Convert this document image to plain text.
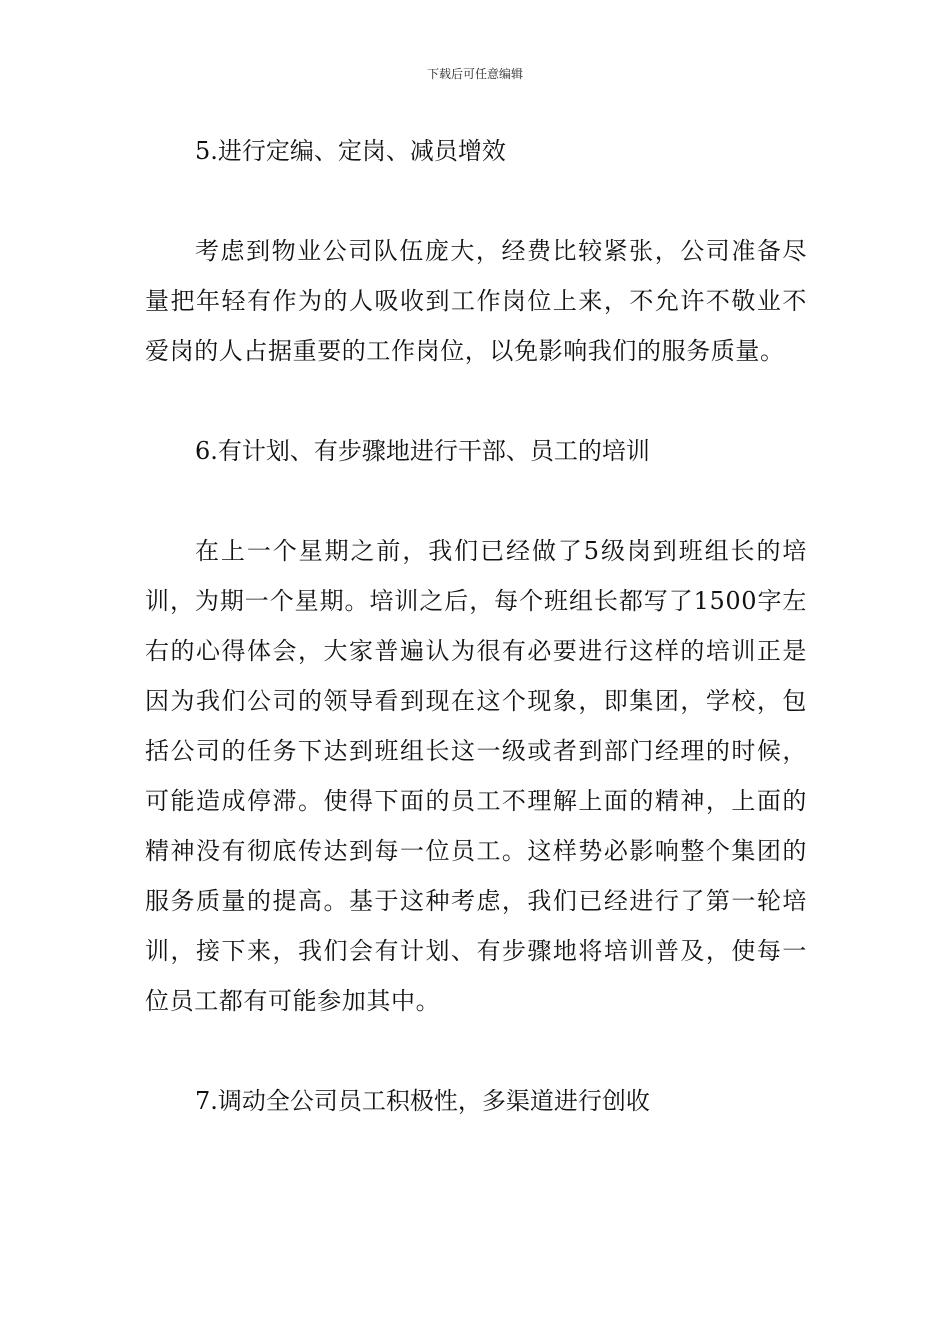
下载后可任意编辑

5.进行定编、定岗、减员增效

考虑到物业公司队伍庞大，经费比较紧张，公司准备尽量把年轻有作为的人吸收到工作岗位上来，不允许不敬业不爱岗的人占据重要的工作岗位，以免影响我们的服务质量。

6.有计划、有步骤地进行干部、员工的培训

在上一个星期之前，我们已经做了5级岗到班组长的培训，为期一个星期。培训之后，每个班组长都写了1500字左右的心得体会，大家普遍认为很有必要进行这样的培训正是因为我们公司的领导看到现在这个现象，即集团，学校，包括公司的任务下达到班组长这一级或者到部门经理的时候，可能造成停滞。使得下面的员工不理解上面的精神，上面的精神没有彻底传达到每一位员工。这样势必影响整个集团的服务质量的提高。基于这种考虑，我们已经进行了第一轮培训，接下来，我们会有计划、有步骤地将培训普及，使每一位员工都有可能参加其中。

7.调动全公司员工积极性，多渠道进行创收
